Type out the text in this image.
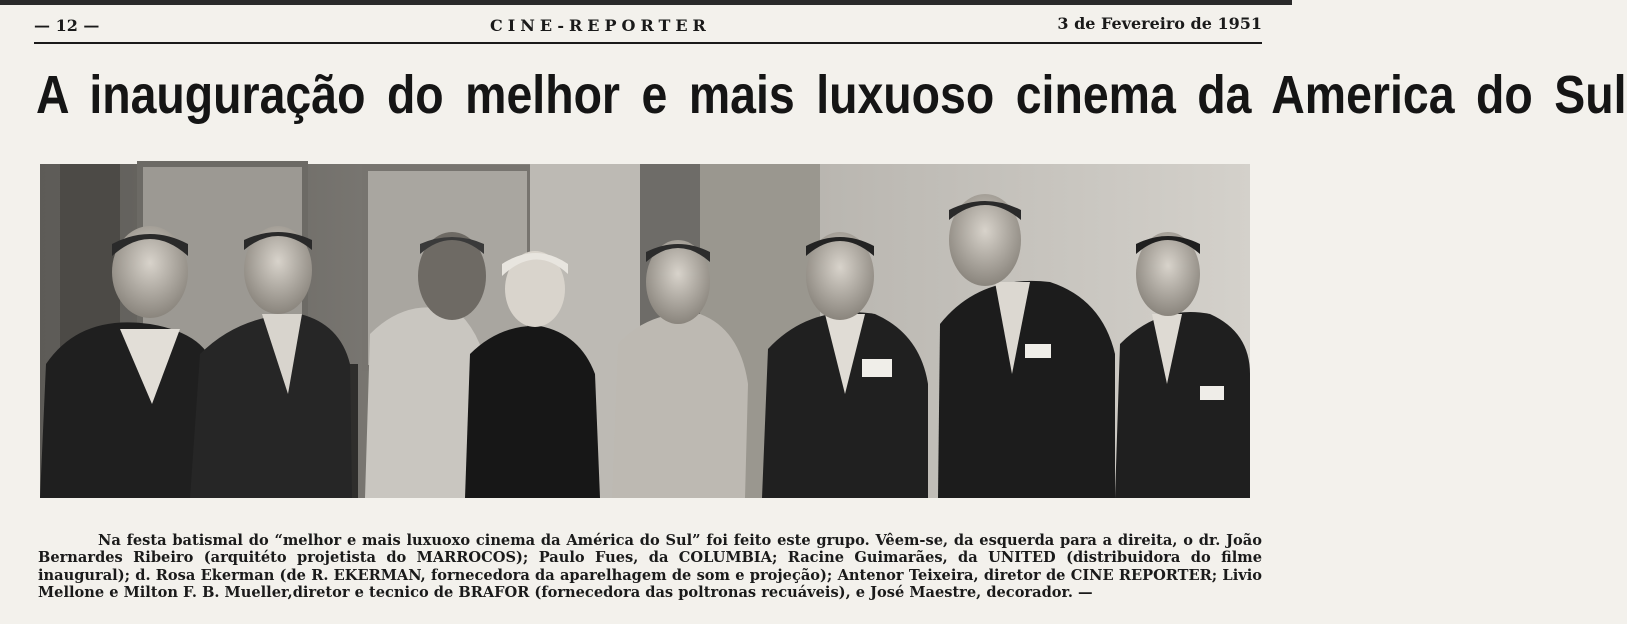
— 12 —	CINE-REPORTER	3 de Fevereiro de 1951
A inauguração do melhor e mais luxuoso cinema da America do Sul

Na festa batismal do “melhor e mais luxuoxo cinema da América do Sul” foi feito este grupo. Vêem-se, da esquerda para a direita, o dr. João Bernardes Ribeiro (arquitéto projetista do MARROCOS); Paulo Fues, da COLUMBIA; Racine Guimarães, da UNITED (distribuidora do filme inaugural); d. Rosa Ekerman (de R. EKERMAN, fornecedora da aparelhagem de som e projeção); Antenor Teixeira, diretor de CINE REPORTER; Livio Mellone e Milton F. B. Mueller,diretor e tecnico de BRAFOR (fornecedora das poltronas recuáveis), e José Maestre, decorador. —
